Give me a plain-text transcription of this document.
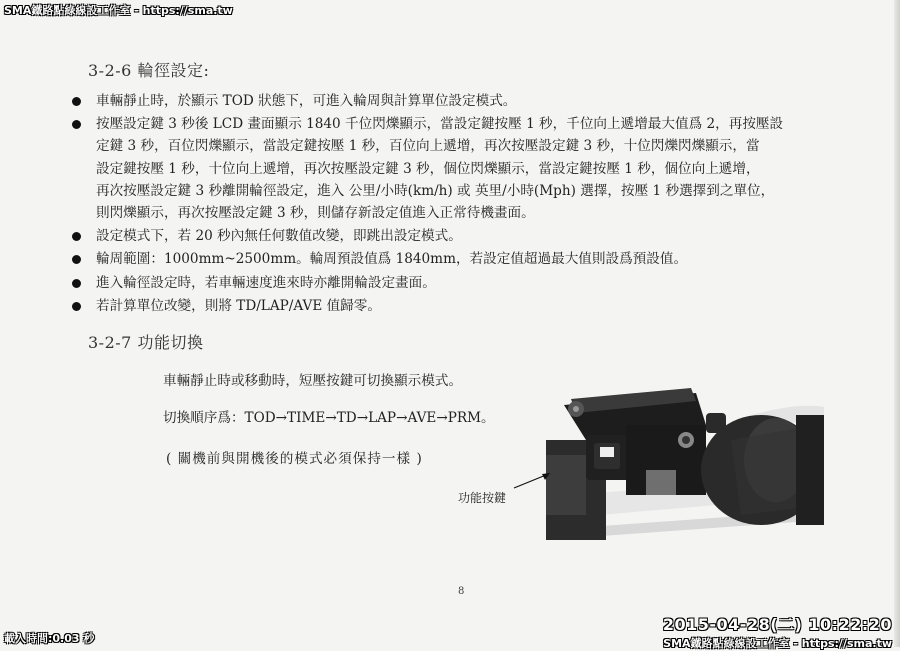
SMA鐵路點綠線設工作室 - https://sma.tw
3-2-6 輪徑設定:
車輛靜止時，於顯示 TOD 狀態下，可進入輪周與計算單位設定模式。
按壓設定鍵 3 秒後 LCD 畫面顯示 1840 千位閃爍顯示，當設定鍵按壓 1 秒，千位向上遞增最大值爲 2，再按壓設
定鍵 3 秒，百位閃爍顯示，當設定鍵按壓 1 秒，百位向上遞增，再次按壓設定鍵 3 秒，十位閃爍閃爍顯示，當
設定鍵按壓 1 秒，十位向上遞增，再次按壓設定鍵 3 秒，個位閃爍顯示，當設定鍵按壓 1 秒，個位向上遞增，
再次按壓設定鍵 3 秒離開輪徑設定，進入 公里/小時(km/h) 或 英里/小時(Mph) 選擇，按壓 1 秒選擇到之單位，
則閃爍顯示，再次按壓設定鍵 3 秒，則儲存新設定值進入正常待機畫面。
設定模式下，若 20 秒內無任何數值改變，即跳出設定模式。
輪周範圍：1000mm~2500mm。輪周預設值爲 1840mm，若設定值超過最大值則設爲預設值。
進入輪徑設定時，若車輛速度進來時亦離開輪設定畫面。
若計算單位改變，則將 TD/LAP/AVE 值歸零。
3-2-7 功能切換
車輛靜止時或移動時，短壓按鍵可切換顯示模式。
切換順序爲：TOD→TIME→TD→LAP→AVE→PRM。
( 關機前與開機後的模式必須保持一樣 )
功能按鍵
8
載入時間:0.03 秒
2015-04-28(二) 10:22:20
SMA鐵路點綠線設工作室 - https://sma.tw
